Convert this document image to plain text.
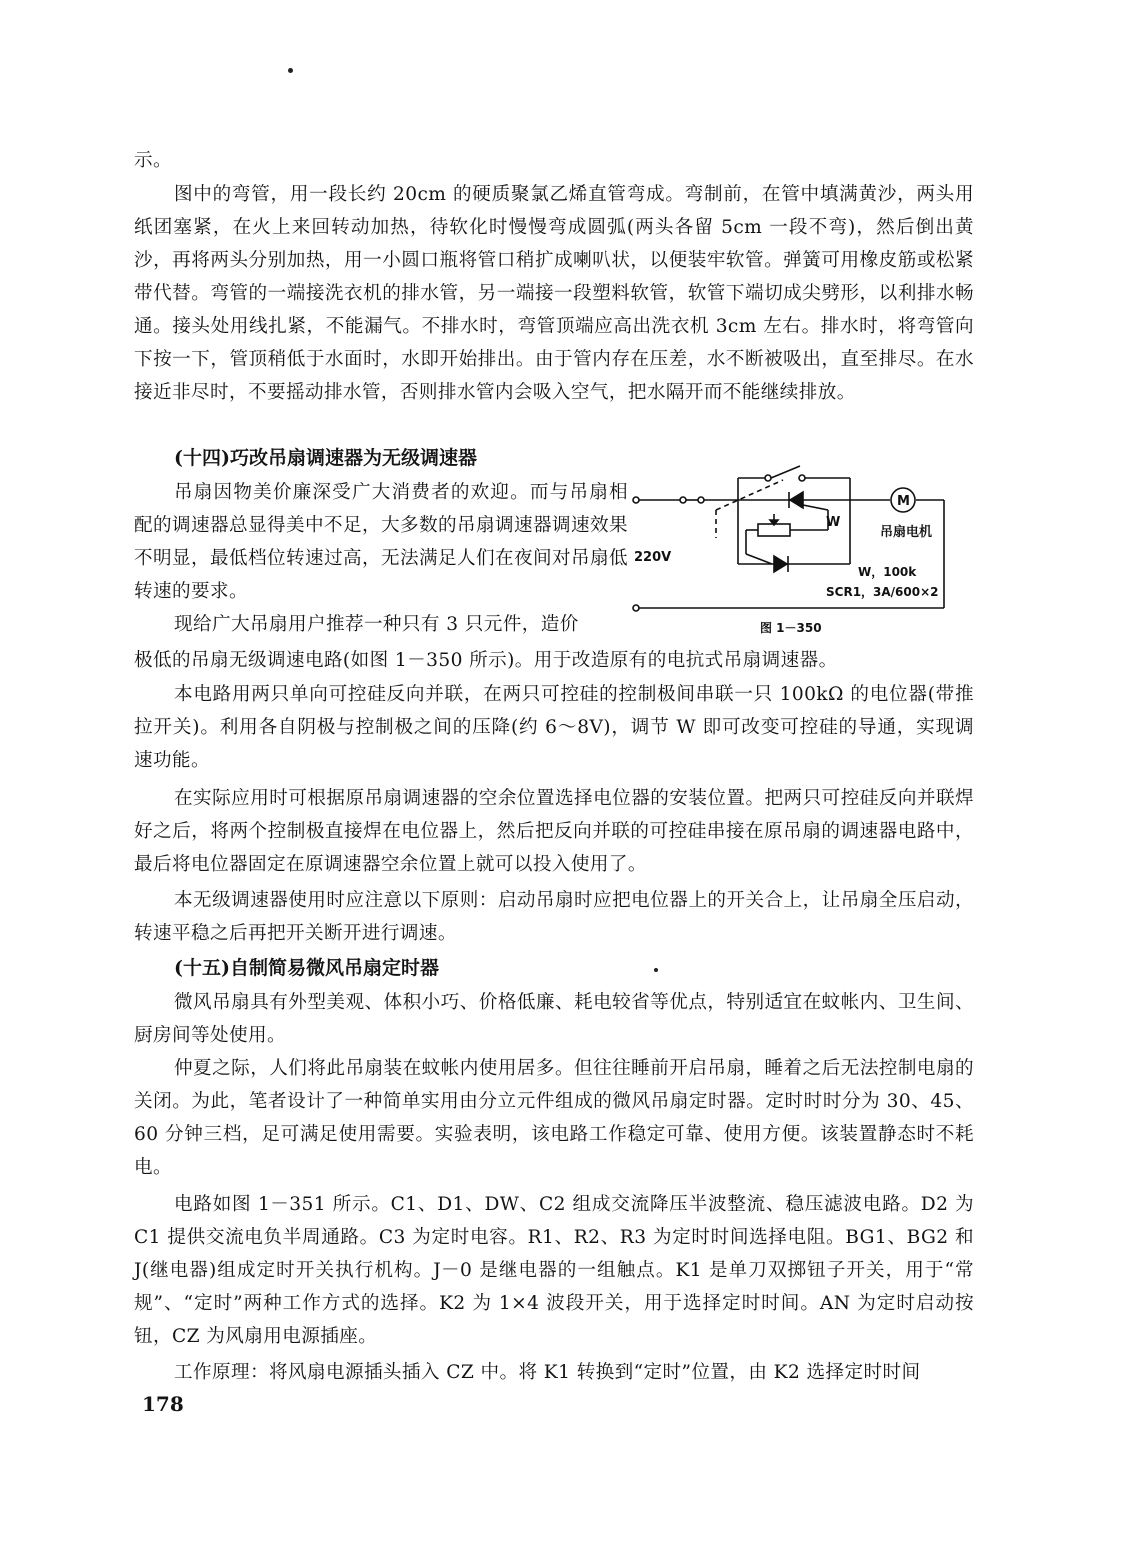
示。

图中的弯管，用一段长约 20cm 的硬质聚氯乙烯直管弯成。弯制前，在管中填满黄沙，两头用纸团塞紧，在火上来回转动加热，待软化时慢慢弯成圆弧(两头各留 5cm 一段不弯)，然后倒出黄沙，再将两头分别加热，用一小圆口瓶将管口稍扩成喇叭状，以便装牢软管。弹簧可用橡皮筋或松紧带代替。弯管的一端接洗衣机的排水管，另一端接一段塑料软管，软管下端切成尖劈形，以利排水畅通。接头处用线扎紧，不能漏气。不排水时，弯管顶端应高出洗衣机 3cm 左右。排水时，将弯管向下按一下，管顶稍低于水面时，水即开始排出。由于管内存在压差，水不断被吸出，直至排尽。在水接近非尽时，不要摇动排水管，否则排水管内会吸入空气，把水隔开而不能继续排放。

(十四)巧改吊扇调速器为无级调速器

吊扇因物美价廉深受广大消费者的欢迎。而与吊扇相配的调速器总显得美中不足，大多数的吊扇调速器调速效果不明显，最低档位转速过高，无法满足人们在夜间对吊扇低转速的要求。

现给广大吊扇用户推荐一种只有 3 只元件，造价

极低的吊扇无级调速电路(如图 1－350 所示)。用于改造原有的电抗式吊扇调速器。

本电路用两只单向可控硅反向并联，在两只可控硅的控制极间串联一只 100kΩ 的电位器(带推拉开关)。利用各自阴极与控制极之间的压降(约 6～8V)，调节 W 即可改变可控硅的导通，实现调速功能。

在实际应用时可根据原吊扇调速器的空余位置选择电位器的安装位置。把两只可控硅反向并联焊好之后，将两个控制极直接焊在电位器上，然后把反向并联的可控硅串接在原吊扇的调速器电路中，最后将电位器固定在原调速器空余位置上就可以投入使用了。

本无级调速器使用时应注意以下原则：启动吊扇时应把电位器上的开关合上，让吊扇全压启动，转速平稳之后再把开关断开进行调速。

(十五)自制简易微风吊扇定时器

微风吊扇具有外型美观、体积小巧、价格低廉、耗电较省等优点，特别适宜在蚊帐内、卫生间、厨房间等处使用。

仲夏之际，人们将此吊扇装在蚊帐内使用居多。但往往睡前开启吊扇，睡着之后无法控制电扇的关闭。为此，笔者设计了一种简单实用由分立元件组成的微风吊扇定时器。定时时时分为 30、45、60 分钟三档，足可满足使用需要。实验表明，该电路工作稳定可靠、使用方便。该装置静态时不耗电。

电路如图 1－351 所示。C1、D1、DW、C2 组成交流降压半波整流、稳压滤波电路。D2 为 C1 提供交流电负半周通路。C3 为定时电容。R1、R2、R3 为定时时间选择电阻。BG1、BG2 和 J(继电器)组成定时开关执行机构。J－0 是继电器的一组触点。K1 是单刀双掷钮子开关，用于“常规”、“定时”两种工作方式的选择。K2 为 1×4 波段开关，用于选择定时时间。AN 为定时启动按钮，CZ 为风扇用电源插座。

工作原理：将风扇电源插头插入 CZ 中。将 K1 转换到“定时”位置，由 K2 选择定时时间

178
M
吊扇电机
W
220V
W，100k
SCR1，3A/600×2
图 1－350
